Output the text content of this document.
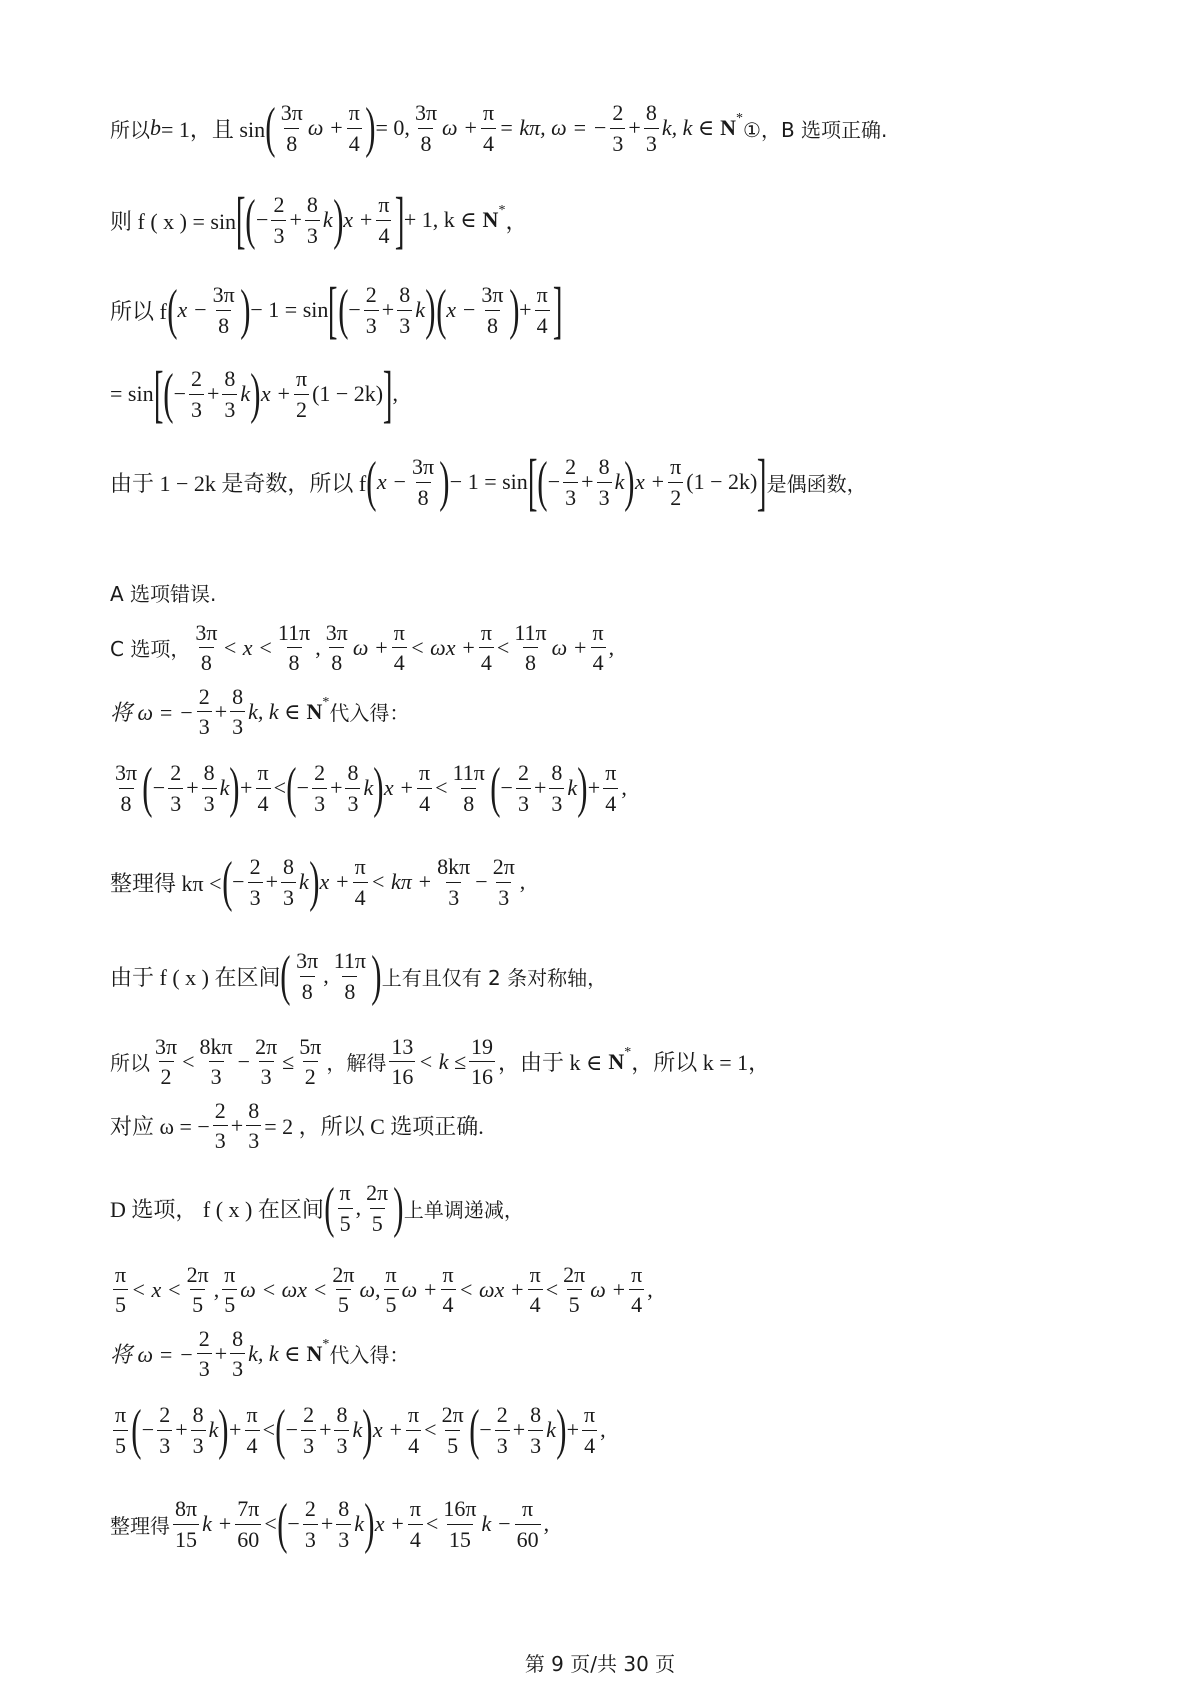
所以 b = 1，且 sin ( $\frac{3\pi}{8}$ $\omega + \frac{\pi}{4}$ ) = 0, $\frac{3\pi}{8}$ $\omega + \frac{\pi}{4} = k\pi$, ω = − $\frac{2}{3} + \frac{8}{3} k$, k ∈ N * ①，B 选项正确.
则 f ( x ) = sin [ ( − $\frac{2}{3} + \frac{8}{3}$ k ) $x + \frac{\pi}{4}$ ] + 1, k ∈ N * ，
所以 f ( $x - \frac{3\pi}{8}$ ) − 1 = sin [ ( − $\frac{2}{3} + \frac{8}{3}$ k ) ( $x - \frac{3\pi}{8}$ ) + $\frac{\pi}{4}$ ]
= sin [ ( − $\frac{2}{3} + \frac{8}{3}$ k ) $x + \frac{\pi}{2} (1 - 2k)$ ] ,
由于 1 − 2k 是奇数，所以 f ( $x - \frac{3\pi}{8}$ ) − 1 = sin [ ( − $\frac{2}{3} + \frac{8}{3}$ k ) $x + \frac{\pi}{2} (1 - 2k)$ ] 是偶函数，
A 选项错误.
C 选项， $\frac{3\pi}{8} < x < \frac{11\pi}{8}$ , $\frac{3\pi}{8}$ $\omega + \frac{\pi}{4} < \omega x + \frac{\pi}{4} < \frac{11\pi}{8}$ $\omega + \frac{\pi}{4}$ ,
将 ω = − $\frac{2}{3} + \frac{8}{3} k$, k ∈ N * 代入得：
$\frac{3\pi}{8}$ ( − $\frac{2}{3} + \frac{8}{3}$ k ) + $\frac{\pi}{4}$ < ( − $\frac{2}{3} + \frac{8}{3}$ k ) $x + \frac{\pi}{4} < \frac{11\pi}{8}$ ( − $\frac{2}{3} + \frac{8}{3}$ k ) + $\frac{\pi}{4}$ ,
整理得 kπ < ( − $\frac{2}{3} + \frac{8}{3}$ k ) $x + \frac{\pi}{4} < k\pi + \frac{8k\pi}{3} - \frac{2\pi}{3}$ ,
由于 f ( x ) 在区间 ( $\frac{3\pi}{8}$ , $\frac{11\pi}{8}$ ) 上有且仅有 2 条对称轴，
所以 $\frac{3\pi}{2} < \frac{8k\pi}{3} - \frac{2\pi}{3} \le \frac{5\pi}{2}$ ，解得 $\frac{13}{16} < k \le \frac{19}{16}$ ，由于 k ∈ N * ，所以 k = 1，
对应 ω = − $\frac{2}{3} + \frac{8}{3} = 2$ ，所以 C 选项正确.
D 选项， f ( x ) 在区间 ( $\frac{\pi}{5}$ , $\frac{2\pi}{5}$ ) 上单调递减，
$\frac{\pi}{5} < x < \frac{2\pi}{5}$ , $\frac{\pi}{5}$ $\omega < \omega x < \frac{2\pi}{5} \omega$, $\frac{\pi}{5}$ $\omega + \frac{\pi}{4} < \omega x + \frac{\pi}{4} < \frac{2\pi}{5}$ $\omega + \frac{\pi}{4}$ ,
将 ω = − $\frac{2}{3} + \frac{8}{3} k$, k ∈ N * 代入得：
$\frac{\pi}{5}$ ( − $\frac{2}{3} + \frac{8}{3}$ k ) + $\frac{\pi}{4}$ < ( − $\frac{2}{3} + \frac{8}{3}$ k ) $x + \frac{\pi}{4} < \frac{2\pi}{5}$ ( − $\frac{2}{3} + \frac{8}{3}$ k ) + $\frac{\pi}{4}$ ,
整理得 $\frac{8\pi}{15}$ $k + \frac{7\pi}{60}$ < ( − $\frac{2}{3} + \frac{8}{3}$ k ) $x + \frac{\pi}{4} < \frac{16\pi}{15}$ $k - \frac{\pi}{60}$ ,
第 9 页/共 30 页
